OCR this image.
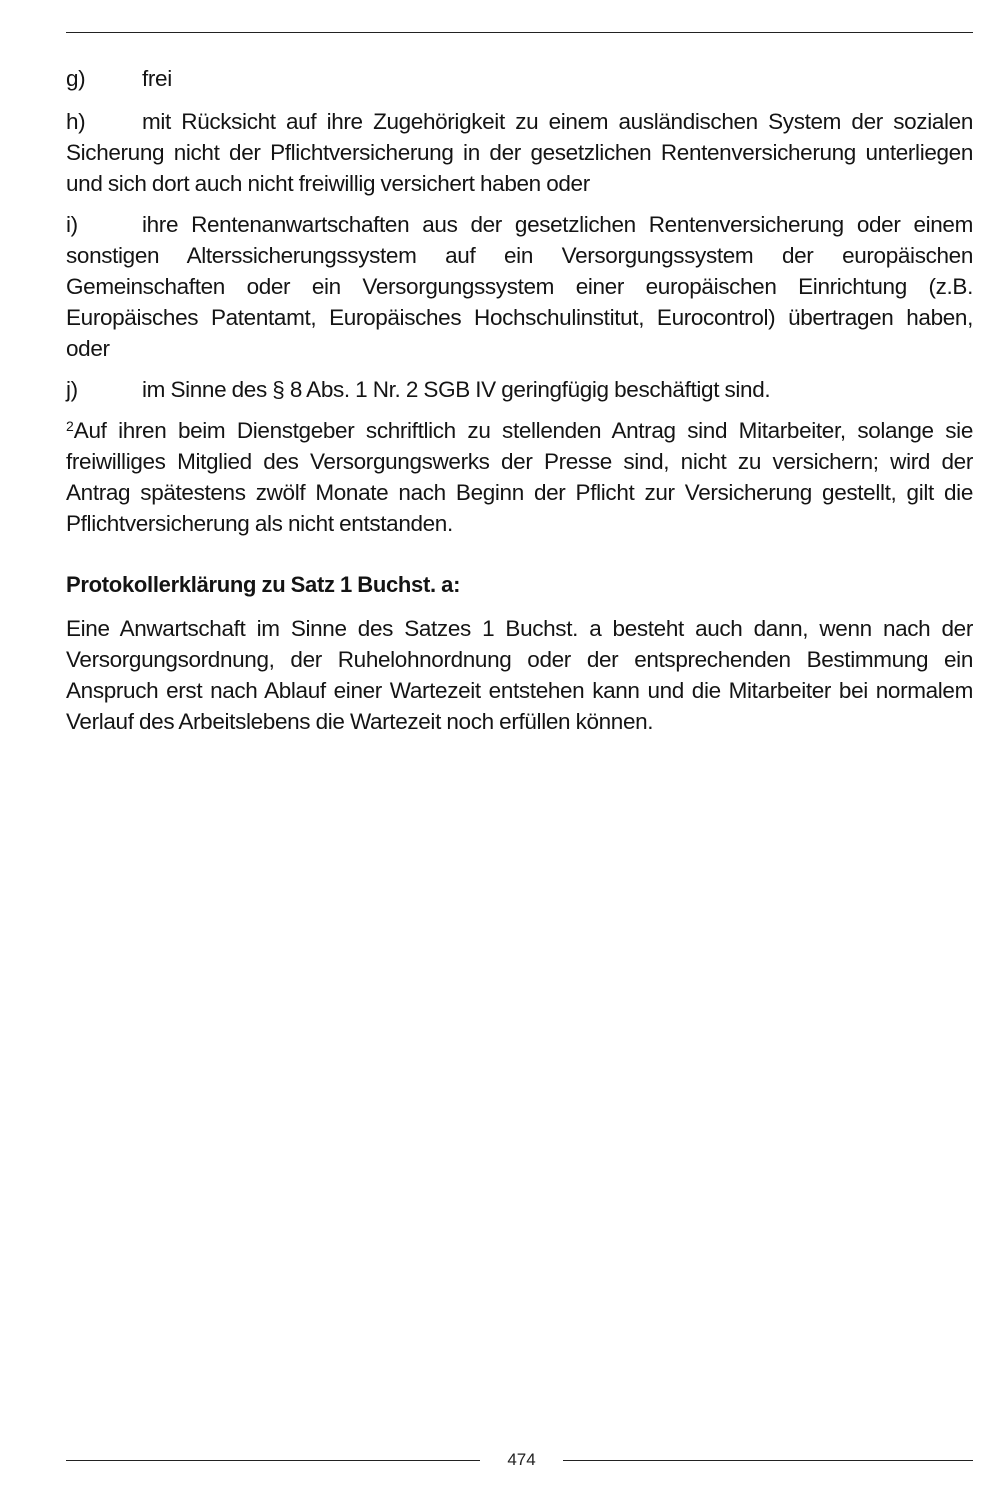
g)	frei

h)	mit Rücksicht auf ihre Zugehörigkeit zu einem ausländischen System der sozialen Sicherung nicht der Pflichtversicherung in der gesetzlichen Rentenversicherung unterliegen und sich dort auch nicht freiwillig versichert haben oder

i)	ihre Rentenanwartschaften aus der gesetzlichen Rentenversicherung oder einem sonstigen Alterssicherungssystem auf ein Versorgungssystem der europäischen Gemeinschaften oder ein Versorgungssystem einer europäischen Einrichtung (z.B. Europäisches Patentamt, Europäisches Hochschulinstitut, Eurocontrol) übertragen haben, oder

j)	im Sinne des § 8 Abs. 1 Nr. 2 SGB IV geringfügig beschäftigt sind.

$^2$Auf ihren beim Dienstgeber schriftlich zu stellenden Antrag sind Mitarbeiter, solange sie freiwilliges Mitglied des Versorgungswerks der Presse sind, nicht zu versichern; wird der Antrag spätestens zwölf Monate nach Beginn der Pflicht zur Versicherung gestellt, gilt die Pflichtversicherung als nicht entstanden.

Protokollerklärung zu Satz 1 Buchst. a:

Eine Anwartschaft im Sinne des Satzes 1 Buchst. a besteht auch dann, wenn nach der Versorgungsordnung, der Ruhelohnordnung oder der entsprechenden Bestimmung ein Anspruch erst nach Ablauf einer Wartezeit entstehen kann und die Mitarbeiter bei normalem Verlauf des Arbeitslebens die Wartezeit noch erfüllen können.

474
